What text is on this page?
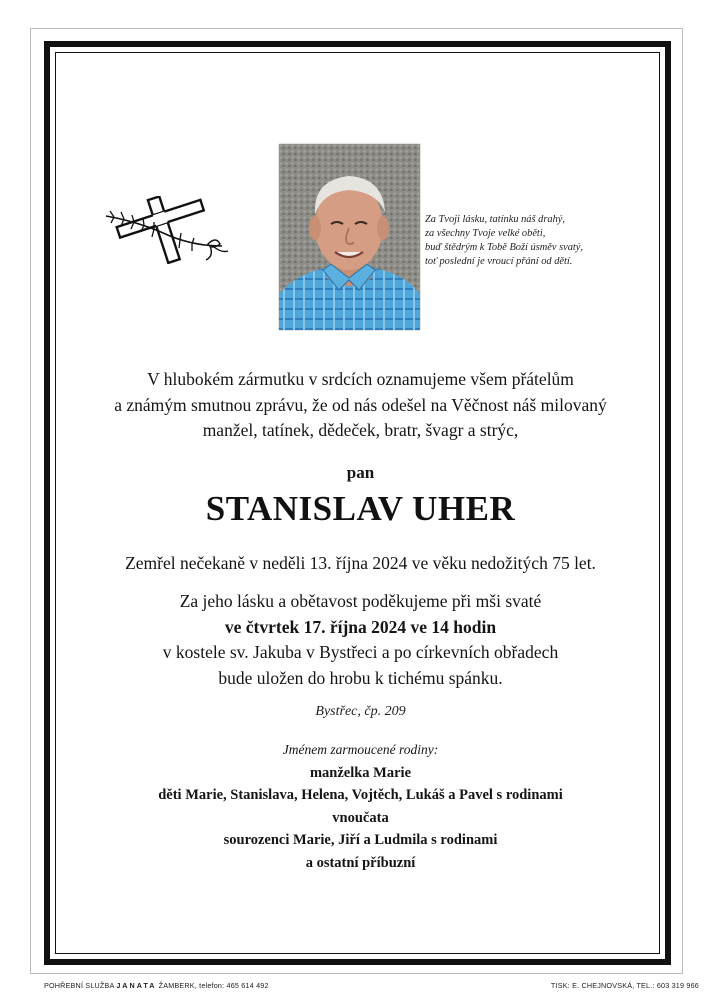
Za Tvoji lásku, tatínku náš drahý,
za všechny Tvoje velké oběti,
buď štědrým k Tobě Boží úsměv svatý,
toť poslední je vroucí přání od dětí.
V hlubokém zármutku v srdcích oznamujeme všem přátelům
a známým smutnou zprávu, že od nás odešel na Věčnost náš milovaný
manžel, tatínek, dědeček, bratr, švagr a strýc,
pan
STANISLAV UHER
Zemřel nečekaně v neděli 13. října 2024 ve věku nedožitých 75 let.
Za jeho lásku a obětavost poděkujeme při mši svaté
ve čtvrtek 17. října 2024 ve 14 hodin
v kostele sv. Jakuba v Bystřeci a po církevních obřadech
bude uložen do hrobu k tichému spánku.
Bystřec, čp. 209
Jménem zarmoucené rodiny:
manželka Marie
děti Marie, Stanislava, Helena, Vojtěch, Lukáš a Pavel s rodinami
vnoučata
sourozenci Marie, Jiří a Ludmila s rodinami
a ostatní příbuzní
POHŘEBNÍ SLUŽBA JANATA ŽAMBERK, telefon: 465 614 492	TISK: E. CHEJNOVSKÁ, TEL.: 603 319 966
